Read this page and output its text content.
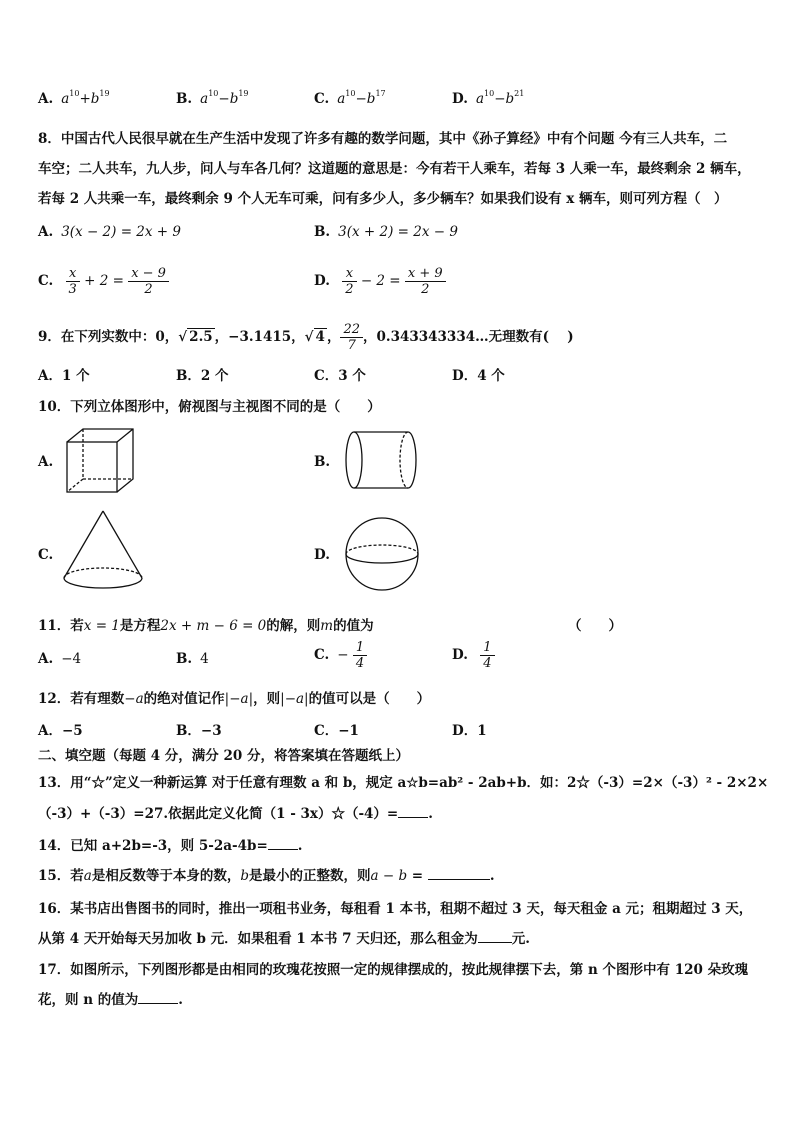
A. $a^{10}+b^{19}$	B. $a^{10}-b^{19}$	C. $a^{10}-b^{17}$	D. $a^{10}-b^{21}$
8．中国古代人民很早就在生产生活中发现了许多有趣的数学问题，其中《孙子算经》中有个问题 今有三人共车，二
车空；二人共车，九人步，问人与车各几何？这道题的意思是：今有若干人乘车，若每 3 人乘一车，最终剩余 2 辆车，
若每 2 人共乘一车，最终剩余 9 个人无车可乘，问有多少人，多少辆车？如果我们设有 x 辆车，则可列方程（　）
A. 3(x − 2) = 2x + 9	B. 3(x + 2) = 2x − 9
C. $\frac{x}{3} + 2 = \frac{x - 9}{2}$	D. $\frac{x}{2} - 2 = \frac{x + 9}{2}$
9．在下列实数中：0，√ 2.5 ，−3.1415，√ 4 ， $\frac{22}{7}$ ，0.343343334…无理数有(　 )
A．1 个	B．2 个	C．3 个	D．4 个
10．下列立体图形中，俯视图与主视图不同的是（　　）
A.	B.
C.	D.
11．若x = 1是方程2x + m − 6 = 0的解，则m的值为	（　　）
A. −4	B. 4	C. − $\frac{1}{4}$	D. $\frac{1}{4}$
12．若有理数−a的绝对值记作|−a|，则|−a|的值可以是（　　）
A．−5	B．−3	C．−1	D．1
二、填空题（每题 4 分，满分 20 分，将答案填在答题纸上）
13．用“☆”定义一种新运算 对于任意有理数 a 和 b，规定 a☆b=ab² - 2ab+b．如：2☆（-3）=2×（-3）² - 2×2×
（-3）+（-3）=27.依据此定义化简（1 - 3x）☆（-4）= .
14．已知 a+2b=-3，则 5-2a-4b= .
15．若a是相反数等于本身的数，b是最小的正整数，则a − b =	.
16．某书店出售图书的同时，推出一项租书业务，每租看 1 本书，租期不超过 3 天，每天租金 a 元；租期超过 3 天，
从第 4 天开始每天另加收 b 元．如果租看 1 本书 7 天归还，那么租金为	元.
17．如图所示，下列图形都是由相同的玫瑰花按照一定的规律摆成的，按此规律摆下去，第 n 个图形中有 120 朵玫瑰
花，则 n 的值为	.
